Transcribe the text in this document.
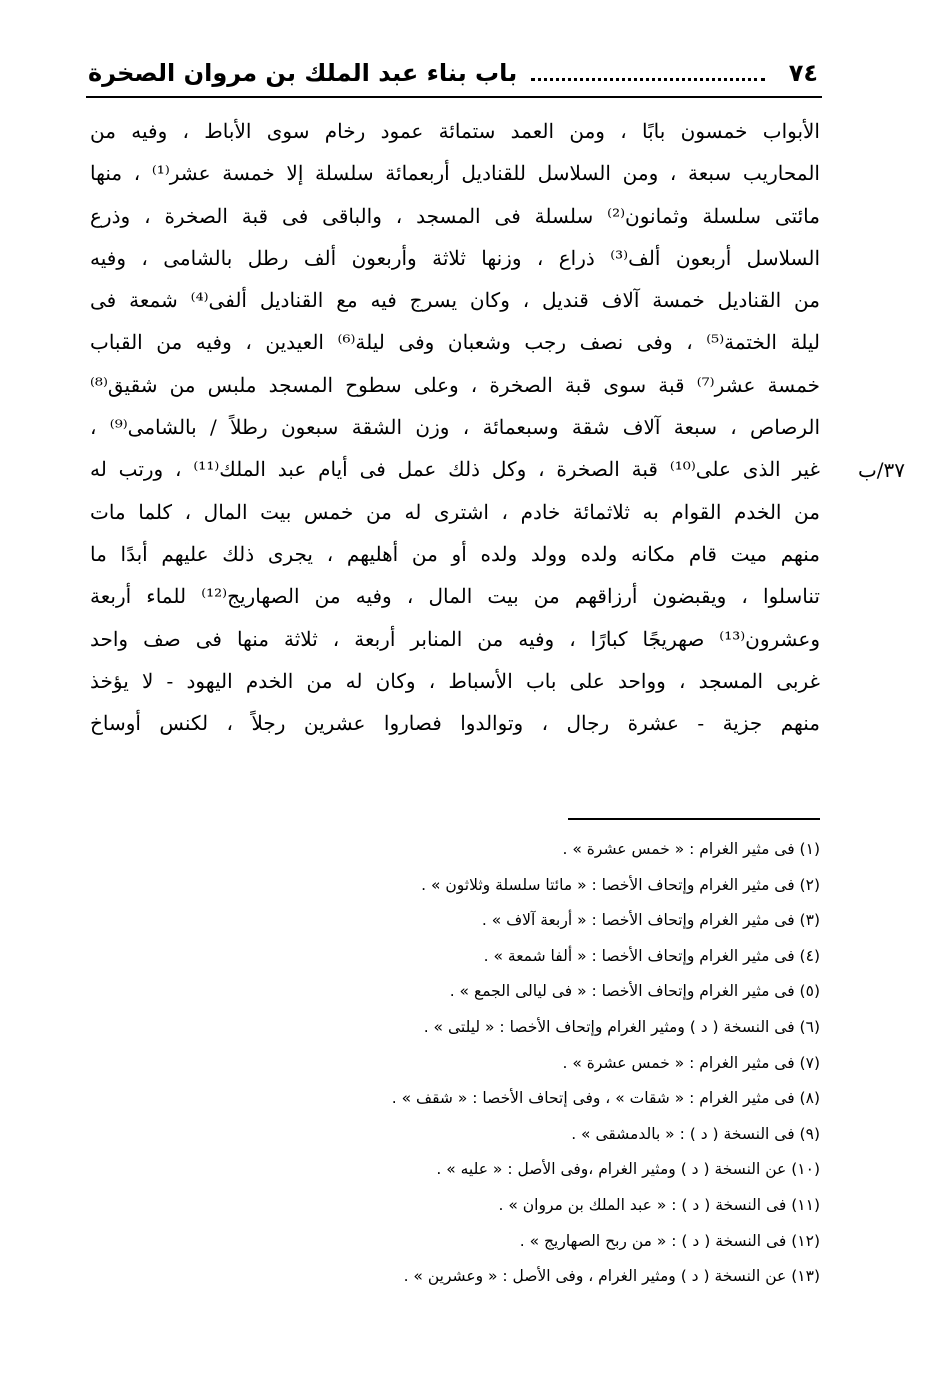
٧٤
باب بناء عبد الملك بن مروان الصخرة
الأبواب خمسون بابًا ، ومن العمد ستمائة عمود رخام سوى الأباط ، وفيه من
المحاريب سبعة ، ومن السلاسل للقناديل أربعمائة سلسلة إلا خمسة عشر⁽¹⁾ ، منها
مائتى سلسلة وثمانون⁽²⁾ سلسلة فى المسجد ، والباقى فى قبة الصخرة ، وذرع
السلاسل أربعون ألف⁽³⁾ ذراع ، وزنها ثلاثة وأربعون ألف رطل بالشامى ، وفيه
من القناديل خمسة آلاف قنديل ، وكان يسرج فيه مع القناديل ألفى⁽⁴⁾ شمعة فى
ليلة الختمة⁽⁵⁾ ، وفى نصف رجب وشعبان وفى ليلة⁽⁶⁾ العيدين ، وفيه من القباب
خمسة عشر⁽⁷⁾ قبة سوى قبة الصخرة ، وعلى سطوح المسجد ملبس من شقيق⁽⁸⁾
الرصاص ، سبعة آلاف شقة وسبعمائة ، وزن الشقة سبعون رطلاً / بالشامى⁽⁹⁾ ،
غير الذى على⁽¹⁰⁾ قبة الصخرة ، وكل ذلك عمل فى أيام عبد الملك⁽¹¹⁾ ، ورتب له
من الخدم القوام به ثلاثمائة خادم ، اشترى له من خمس بيت المال ، كلما مات
منهم ميت قام مكانه ولده وولد ولده أو من أهليهم ، يجرى ذلك عليهم أبدًا ما
تناسلوا ، ويقبضون أرزاقهم من بيت المال ، وفيه من الصهاريج⁽¹²⁾ للماء أربعة
وعشرون⁽¹³⁾ صهريجًا كبارًا ، وفيه من المنابر أربعة ، ثلاثة منها فى صف واحد
غربى المسجد ، وواحد على باب الأسباط ، وكان له من الخدم اليهود - لا يؤخذ
منهم جزية - عشرة رجال ، وتوالدوا فصاروا عشرين رجلاً ، لكنس أوساخ
٣٧/ب
(١) فى مثير الغرام : « خمس عشرة » .
(٢) فى مثير الغرام وإتحاف الأخصا : « مائتا سلسلة وثلاثون » .
(٣) فى مثير الغرام وإتحاف الأخصا : « أربعة آلاف » .
(٤) فى مثير الغرام وإتحاف الأخصا : « ألفا شمعة » .
(٥) فى مثير الغرام وإتحاف الأخصا : « فى ليالى الجمع » .
(٦) فى النسخة ( د ) ومثير الغرام وإتحاف الأخصا : « ليلتى » .
(٧) فى مثير الغرام : « خمس عشرة » .
(٨) فى مثير الغرام : « شقات » ، وفى إتحاف الأخصا : « شقف » .
(٩) فى النسخة ( د ) : « بالدمشقى » .
(١٠) عن النسخة ( د ) ومثير الغرام ،وفى الأصل : « عليه » .
(١١) فى النسخة ( د ) : « عبد الملك بن مروان » .
(١٢) فى النسخة ( د ) : « من ربح الصهاريج » .
(١٣) عن النسخة ( د ) ومثير الغرام ، وفى الأصل : « وعشرين » .
